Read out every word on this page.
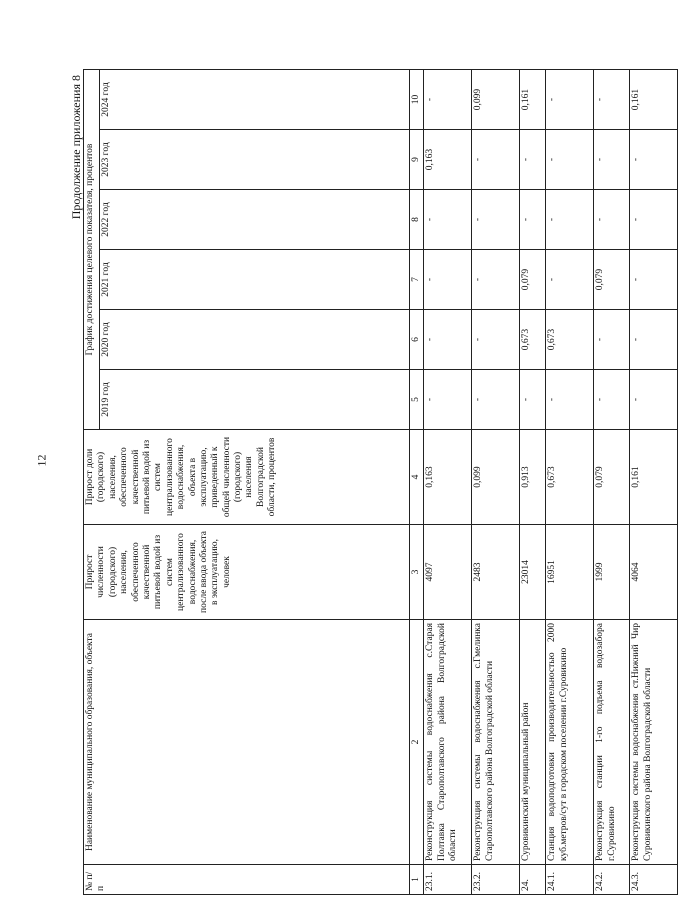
12
Продолжение приложения 8
№ п/п	Наименование муниципального образования, объекта	Прирост численности (городского) населения, обеспеченного качественной питьевой водой из систем централизованного водоснабжения, после ввода объекта в эксплуатацию, человек	Прирост доли (городского) населения, обеспеченного качественной питьевой водой из систем централизованного водоснабжения, объекта в эксплуатацию, приведенный к общей численности (городского) населения Волгоградской области, процентов	График достижения целевого показателя, процентов					
				2019 год	2020 год	2021 год	2022 год	2023 год	2024 год
1	2	3	4	5	6	7	8	9	10
23.1.	Реконструкция системы водоснабжения с.Старая Полтавка Старополтавского района Волгоградской области	4097	0,163	-	-	-	-	0,163	-
23.2.	Реконструкция системы водоснабжения с.Гмелинка Старополтавского района Волгоградской области	2483	0,099	-	-	-	-	-	0,099
24.	Суровикинский муниципальный район	23014	0,913	-	0,673	0,079	-	-	0,161
24.1.	Станция водоподготовки производительностью 2000 куб.метров/сут в городском поселении г.Суровикино	16951	0,673	-	0,673	-	-	-	-
24.2.	Реконструкция станции 1-го подъема водозабора г.Суровикино	1999	0,079	-	-	0,079	-	-	-
24.3.	Реконструкция системы водоснабжения ст.Нижний Чир Суровикинского района Волгоградской области	4064	0,161	-	-	-	-	-	0,161
